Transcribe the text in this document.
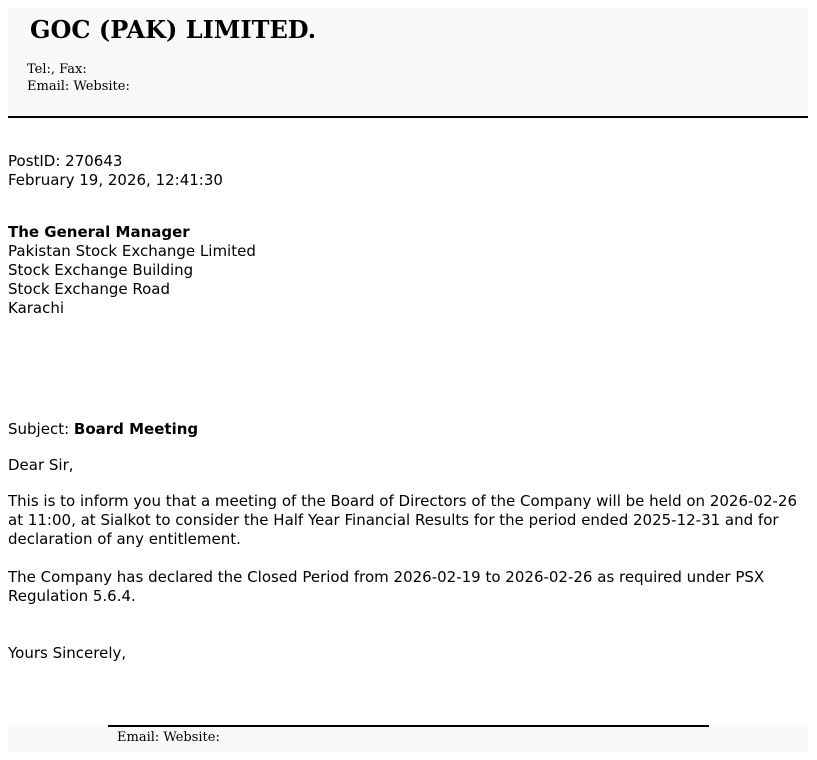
GOC (PAK) LIMITED.
Tel:, Fax:
Email: Website:
PostID: 270643
February 19, 2026, 12:41:30
The General Manager
Pakistan Stock Exchange Limited
Stock Exchange Building
Stock Exchange Road
Karachi
Subject: Board Meeting
Dear Sir,

This is to inform you that a meeting of the Board of Directors of the Company will be held on 2026-02-26 at 11:00, at Sialkot to consider the Half Year Financial Results for the period ended 2025-12-31 and for declaration of any entitlement.

The Company has declared the Closed Period from 2026-02-19 to 2026-02-26 as required under PSX Regulation 5.6.4.

Yours Sincerely,
Email: Website:
